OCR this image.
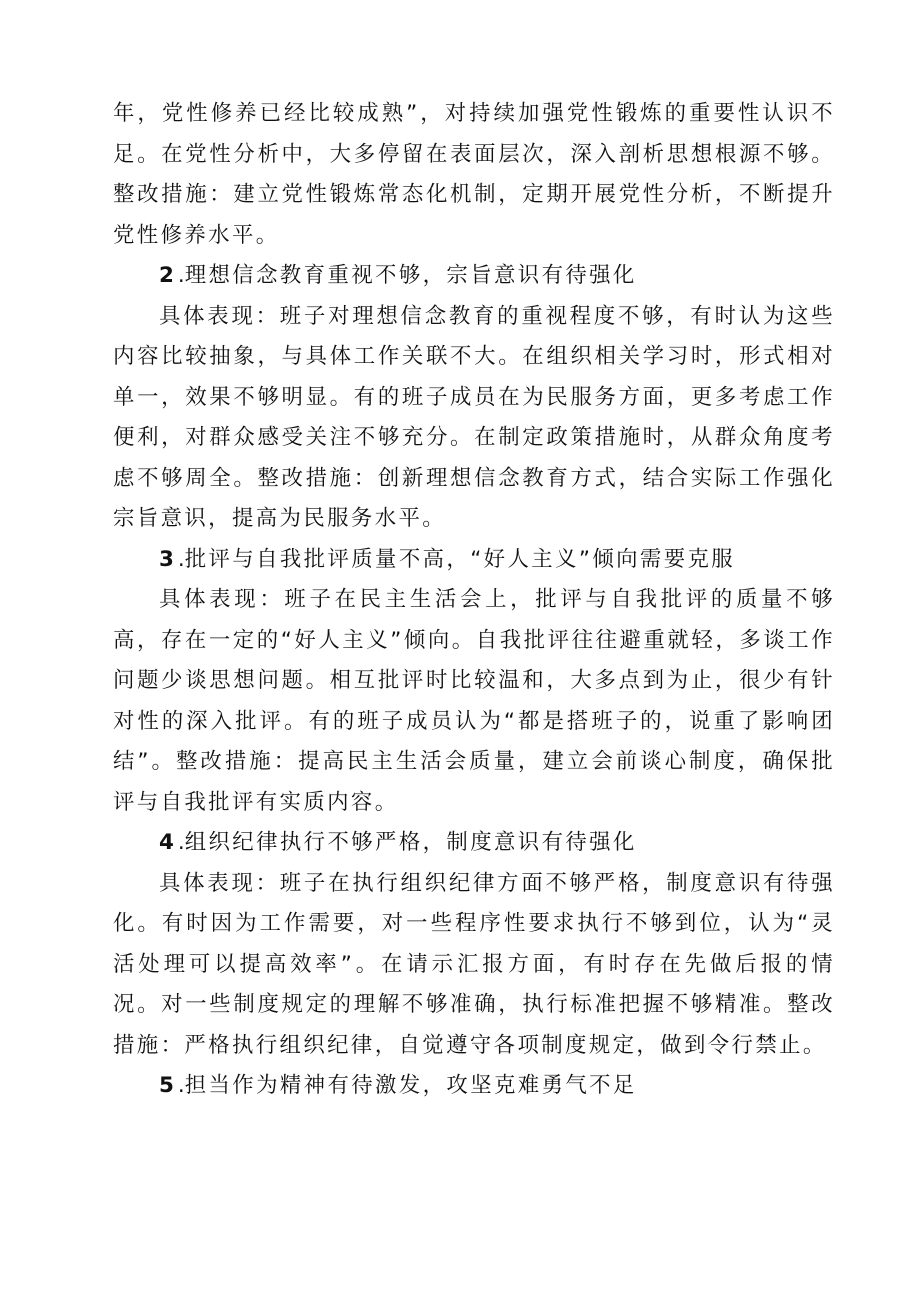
年，党性修养已经比较成熟”，对持续加强党性锻炼的重要性认识不足。在党性分析中，大多停留在表面层次，深入剖析思想根源不够。整改措施：建立党性锻炼常态化机制，定期开展党性分析，不断提升党性修养水平。

2 .理想信念教育重视不够，宗旨意识有待强化

具体表现：班子对理想信念教育的重视程度不够，有时认为这些内容比较抽象，与具体工作关联不大。在组织相关学习时，形式相对单一，效果不够明显。有的班子成员在为民服务方面，更多考虑工作便利，对群众感受关注不够充分。在制定政策措施时，从群众角度考虑不够周全。整改措施：创新理想信念教育方式，结合实际工作强化宗旨意识，提高为民服务水平。

3 .批评与自我批评质量不高，“好人主义”倾向需要克服

具体表现：班子在民主生活会上，批评与自我批评的质量不够高，存在一定的“好人主义”倾向。自我批评往往避重就轻，多谈工作问题少谈思想问题。相互批评时比较温和，大多点到为止，很少有针对性的深入批评。有的班子成员认为“都是搭班子的，说重了影响团结”。整改措施：提高民主生活会质量，建立会前谈心制度，确保批评与自我批评有实质内容。

4 .组织纪律执行不够严格，制度意识有待强化

具体表现：班子在执行组织纪律方面不够严格，制度意识有待强化。有时因为工作需要，对一些程序性要求执行不够到位，认为“灵活处理可以提高效率”。在请示汇报方面，有时存在先做后报的情况。对一些制度规定的理解不够准确，执行标准把握不够精准。整改措施：严格执行组织纪律，自觉遵守各项制度规定，做到令行禁止。

5 .担当作为精神有待激发，攻坚克难勇气不足
